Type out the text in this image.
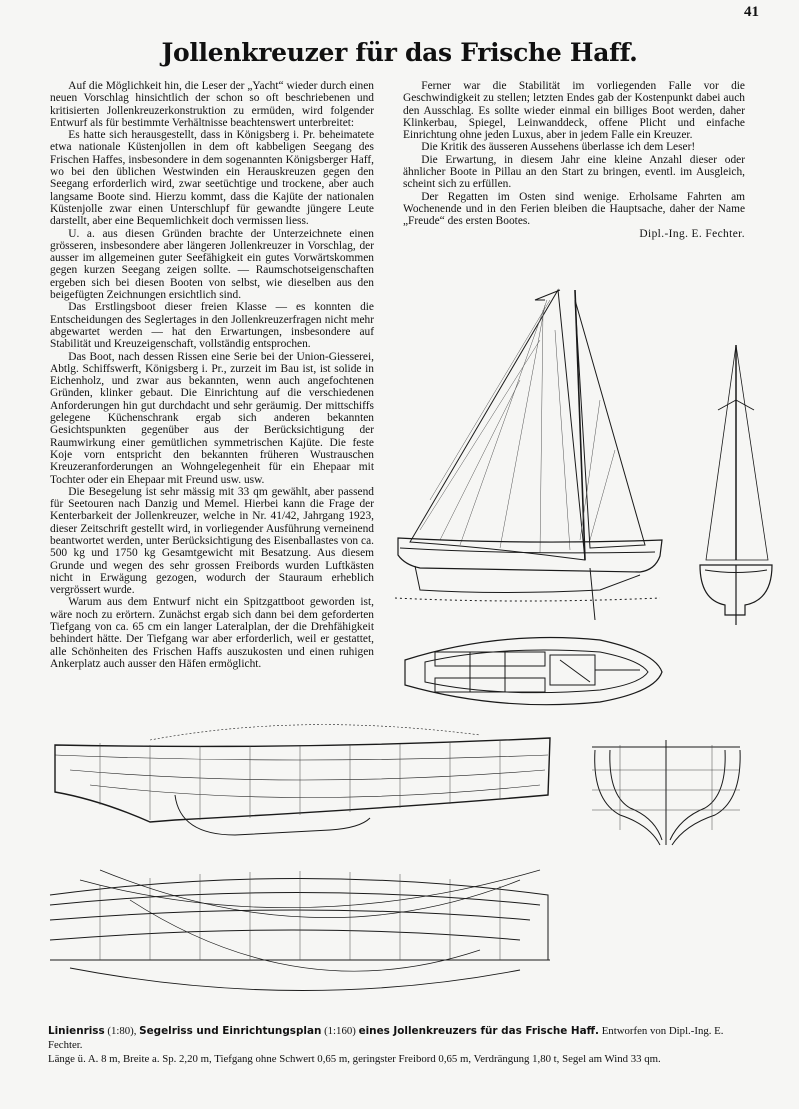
41
Jollenkreuzer für das Frische Haff.

Auf die Möglichkeit hin, die Leser der „Yacht“ wieder durch einen neuen Vorschlag hinsichtlich der schon so oft beschriebenen und kritisierten Jollenkreuzerkonstruktion zu ermüden, wird folgender Entwurf als für bestimmte Verhältnisse beachtenswert unterbreitet:

Es hatte sich herausgestellt, dass in Königsberg i. Pr. beheimatete etwa nationale Küstenjollen in dem oft kabbeligen Seegang des Frischen Haffes, insbesondere in dem sogenannten Königsberger Haff, wo bei den üblichen Westwinden ein Herauskreuzen gegen den Seegang erforderlich wird, zwar seetüchtige und trockene, aber auch langsame Boote sind. Hierzu kommt, dass die Kajüte der nationalen Küstenjolle zwar einen Unterschlupf für gewandte jüngere Leute darstellt, aber eine Bequemlichkeit doch vermissen liess.

U. a. aus diesen Gründen brachte der Unterzeichnete einen grösseren, insbesondere aber längeren Jollenkreuzer in Vorschlag, der ausser im allgemeinen guter Seefähigkeit ein gutes Vorwärtskommen gegen kurzen Seegang zeigen sollte. — Raumschotseigenschaften ergeben sich bei diesen Booten von selbst, wie dieselben aus den beigefügten Zeichnungen ersichtlich sind.

Das Erstlingsboot dieser freien Klasse — es konnten die Entscheidungen des Seglertages in den Jollenkreuzerfragen nicht mehr abgewartet werden — hat den Erwartungen, insbesondere auf Stabilität und Kreuzeigenschaft, vollständig entsprochen.

Das Boot, nach dessen Rissen eine Serie bei der Union-Giesserei, Abtlg. Schiffswerft, Königsberg i. Pr., zurzeit im Bau ist, ist solide in Eichenholz, und zwar aus bekannten, wenn auch angefochtenen Gründen, klinker gebaut. Die Einrichtung auf die verschiedenen Anforderungen hin gut durchdacht und sehr geräumig. Der mittschiffs gelegene Küchenschrank ergab sich anderen bekannten Gesichtspunkten gegenüber aus der Berücksichtigung der Raumwirkung einer gemütlichen symmetrischen Kajüte. Die feste Koje vorn entspricht den bekannten früheren Wustrauschen Kreuzeranforderungen an Wohngelegenheit für ein Ehepaar mit Tochter oder ein Ehepaar mit Freund usw. usw.

Die Besegelung ist sehr mässig mit 33 qm gewählt, aber passend für Seetouren nach Danzig und Memel. Hierbei kann die Frage der Kenterbarkeit der Jollenkreuzer, welche in Nr. 41/42, Jahrgang 1923, dieser Zeitschrift gestellt wird, in vorliegender Ausführung verneinend beantwortet werden, unter Berücksichtigung des Eisenballastes von ca. 500 kg und 1750 kg Gesamtgewicht mit Besatzung. Aus diesem Grunde und wegen des sehr grossen Freibords wurden Luftkästen nicht in Erwägung gezogen, wodurch der Stauraum erheblich vergrössert wurde.

Warum aus dem Entwurf nicht ein Spitzgattboot geworden ist, wäre noch zu erörtern. Zunächst ergab sich dann bei dem geforderten Tiefgang von ca. 65 cm ein langer Lateralplan, der die Drehfähigkeit behindert hätte. Der Tiefgang war aber erforderlich, weil er gestattet, alle Schönheiten des Frischen Haffs auszukosten und einen ruhigen Ankerplatz auch ausser den Häfen ermöglicht.

Ferner war die Stabilität im vorliegenden Falle vor die Geschwindigkeit zu stellen; letzten Endes gab der Kostenpunkt dabei auch den Ausschlag. Es sollte wieder einmal ein billiges Boot werden, daher Klinkerbau, Spiegel, Leinwanddeck, offene Plicht und einfache Einrichtung ohne jeden Luxus, aber in jedem Falle ein Kreuzer.

Die Kritik des äusseren Aussehens überlasse ich dem Leser!

Die Erwartung, in diesem Jahr eine kleine Anzahl dieser oder ähnlicher Boote in Pillau an den Start zu bringen, eventl. im Ausgleich, scheint sich zu erfüllen.

Der Regatten im Osten sind wenige. Erholsame Fahrten am Wochenende und in den Ferien bleiben die Hauptsache, daher der Name „Freude“ des ersten Bootes.

Dipl.-Ing. E. Fechter.

Linienriss (1:80), Segelriss und Einrichtungsplan (1:160) eines Jollenkreuzers für das Frische Haff. Entworfen von Dipl.-Ing. E. Fechter.
Länge ü. A. 8 m, Breite a. Sp. 2,20 m, Tiefgang ohne Schwert 0,65 m, geringster Freibord 0,65 m, Verdrängung 1,80 t, Segel am Wind 33 qm.
